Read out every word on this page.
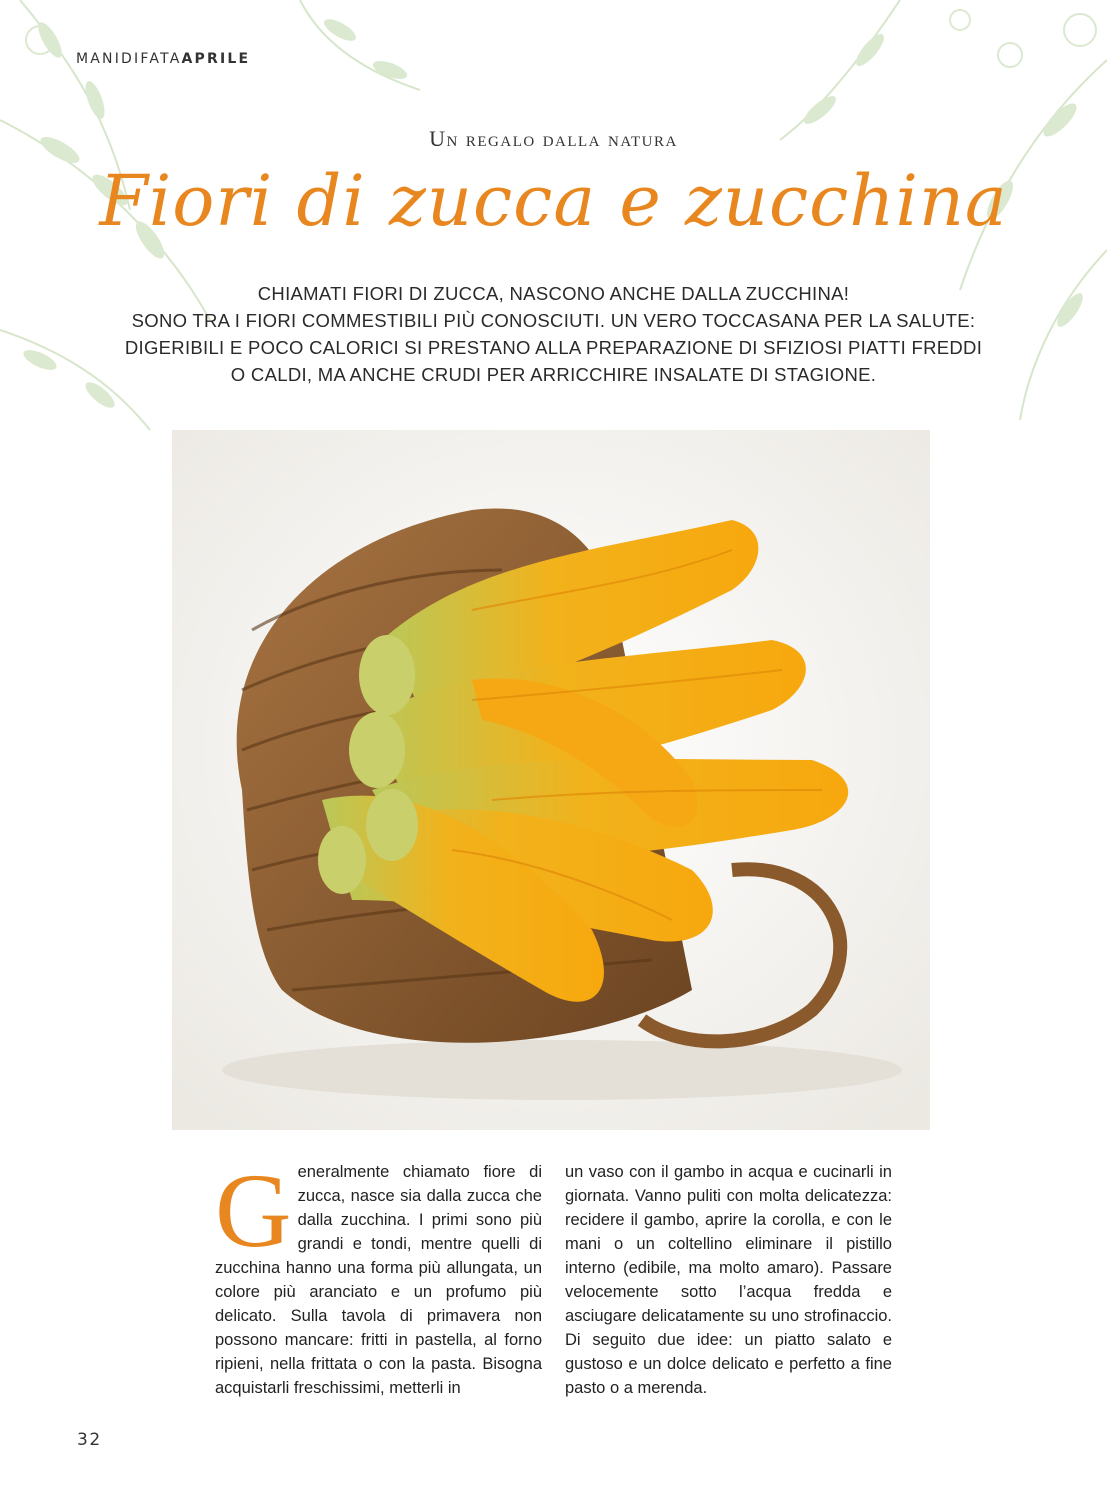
MANIDIFATAAPRILE
Un regalo dalla natura
Fiori di zucca e zucchina
CHIAMATI FIORI DI ZUCCA, NASCONO ANCHE DALLA ZUCCHINA!
SONO TRA I FIORI COMMESTIBILI PIÙ CONOSCIUTI. UN VERO TOCCASANA PER LA SALUTE:
DIGERIBILI E POCO CALORICI SI PRESTANO ALLA PREPARAZIONE DI SFIZIOSI PIATTI FREDDI
O CALDI, MA ANCHE CRUDI PER ARRICCHIRE INSALATE DI STAGIONE.
G eneralmente chiamato fiore di zucca, nasce sia dalla zucca che dalla zucchina. I primi sono più grandi e tondi, mentre quelli di zucchina hanno una forma più allungata, un colore più aranciato e un profumo più delicato. Sulla tavola di primavera non possono mancare: fritti in pastella, al forno ripieni, nella frittata o con la pasta. Bisogna acquistarli freschissimi, metterli in

un vaso con il gambo in acqua e cucinarli in giornata. Vanno puliti con molta delicatezza: recidere il gambo, aprire la corolla, e con le mani o un coltellino eliminare il pistillo interno (edibile, ma molto amaro). Passare velocemente sotto l’acqua fredda e asciugare delicatamente su uno strofinaccio. Di seguito due idee: un piatto salato e gustoso e un dolce delicato e perfetto a fine pasto o a merenda.

32
